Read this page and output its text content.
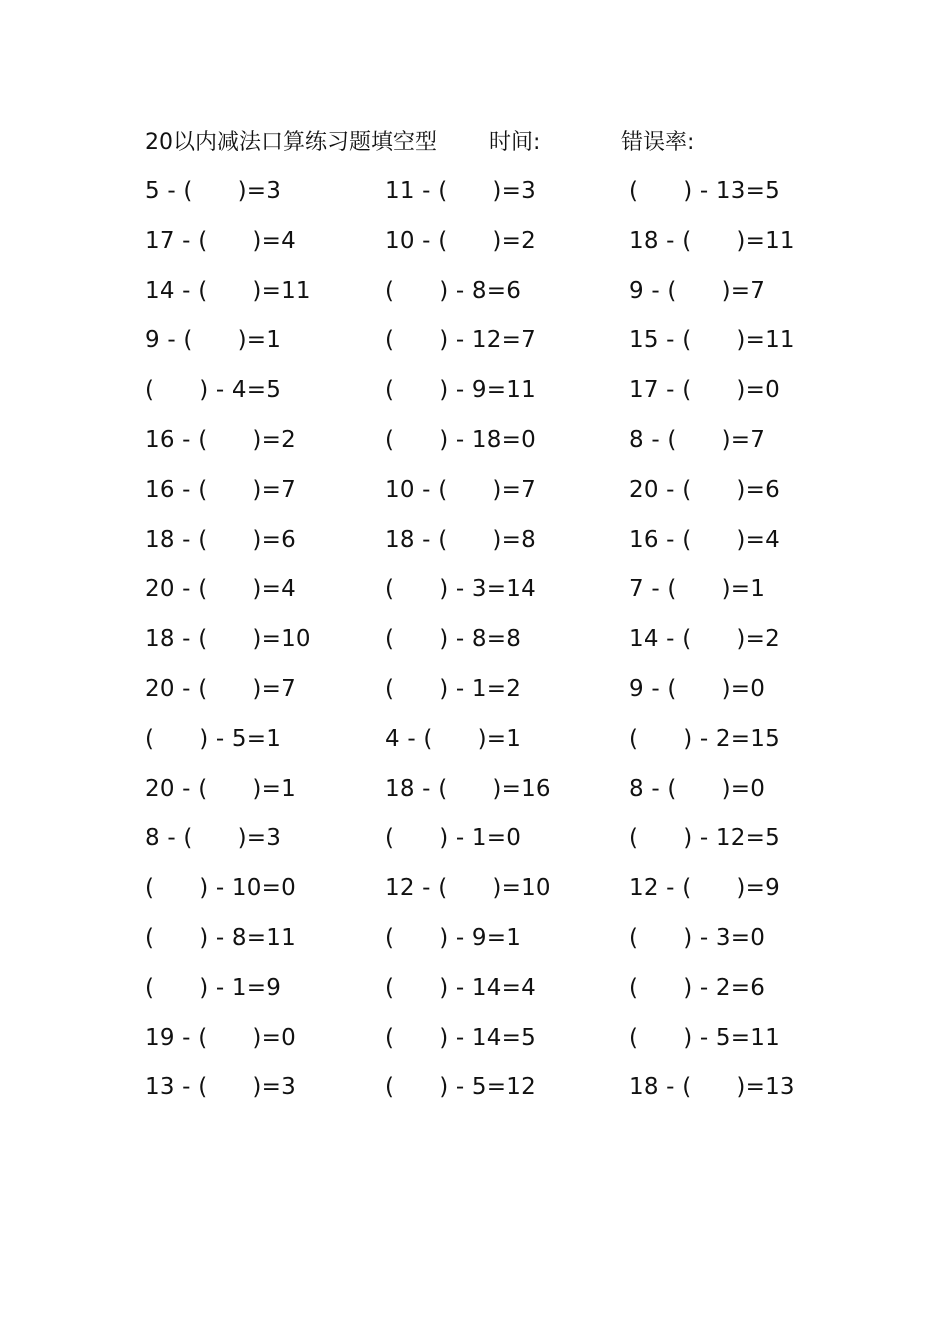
20以内减法口算练习题填空型 时间:	错误率:
5 - (      )=3	11 - (      )=3	(      ) - 13=5
17 - (      )=4	10 - (      )=2	18 - (      )=11
14 - (      )=11	(      ) - 8=6	9 - (      )=7
9 - (      )=1	(      ) - 12=7	15 - (      )=11
(      ) - 4=5	(      ) - 9=11	17 - (      )=0
16 - (      )=2	(      ) - 18=0	8 - (      )=7
16 - (      )=7	10 - (      )=7	20 - (      )=6
18 - (      )=6	18 - (      )=8	16 - (      )=4
20 - (      )=4	(      ) - 3=14	7 - (      )=1
18 - (      )=10	(      ) - 8=8	14 - (      )=2
20 - (      )=7	(      ) - 1=2	9 - (      )=0
(      ) - 5=1	4 - (      )=1	(      ) - 2=15
20 - (      )=1	18 - (      )=16	8 - (      )=0
8 - (      )=3	(      ) - 1=0	(      ) - 12=5
(      ) - 10=0	12 - (      )=10	12 - (      )=9
(      ) - 8=11	(      ) - 9=1	(      ) - 3=0
(      ) - 1=9	(      ) - 14=4	(      ) - 2=6
19 - (      )=0	(      ) - 14=5	(      ) - 5=11
13 - (      )=3	(      ) - 5=12	18 - (      )=13
